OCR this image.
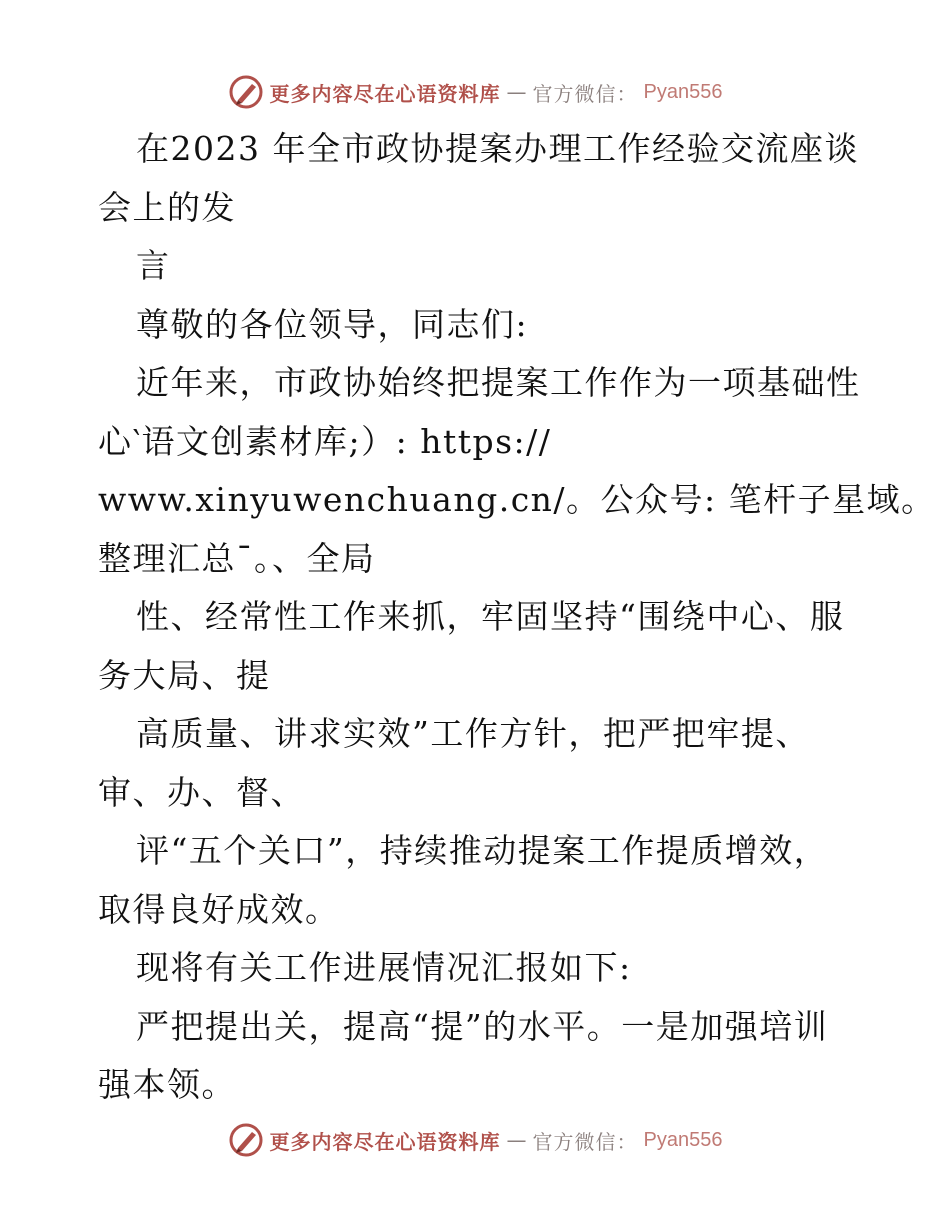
更多内容尽在心语资料库 — 官方微信： Pyan556
在2023 年全市政协提案办理工作经验交流座谈
会上的发
言
尊敬的各位领导，同志们:
近年来，市政协始终把提案工作作为一项基础性
心‵语文创素材库;）: https://
www.xinyuwenchuang.cn/。公众号: 笔杆子星域。
整理汇总¯。、全局
性、经常性工作来抓，牢固坚持“围绕中心、服
务大局、提
高质量、讲求实效”工作方针，把严把牢提、
审、办、督、
评“五个关口”，持续推动提案工作提质增效，
取得良好成效。
现将有关工作进展情况汇报如下:
严把提出关，提高“提”的水平。一是加强培训
强本领。
更多内容尽在心语资料库 — 官方微信： Pyan556
